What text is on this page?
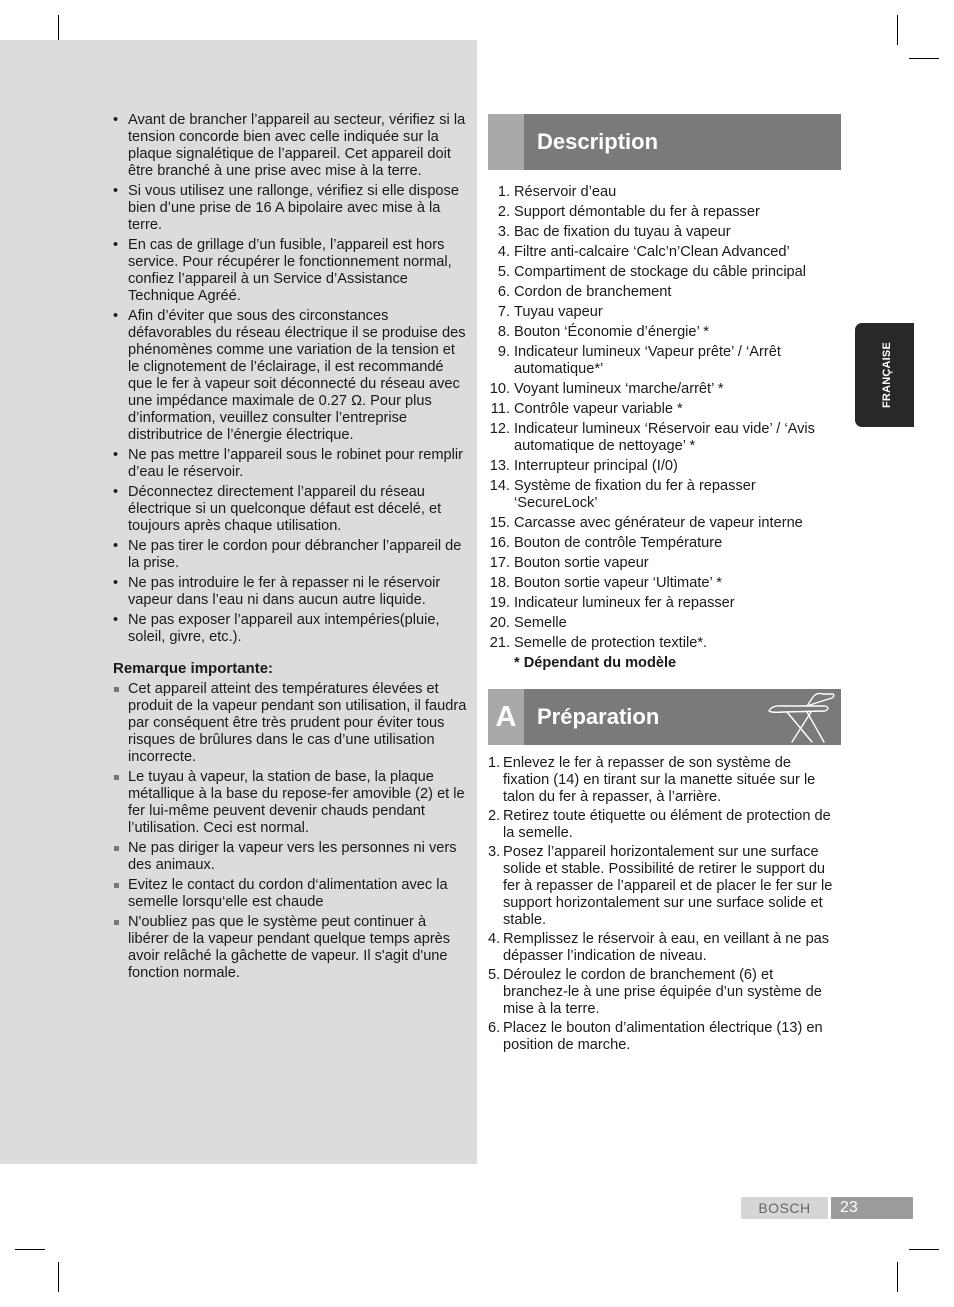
• Avant de brancher l’appareil au secteur, vérifiez si la tension concorde bien avec celle indiquée sur la plaque signalétique de l’appareil. Cet appareil doit être branché à une prise avec mise à la terre.
• Si vous utilisez une rallonge, vérifiez si elle dispose bien d’une prise de 16 A bipolaire avec mise à la terre.
• En cas de grillage d’un fusible, l’appareil est hors service. Pour récupérer le fonctionnement normal, confiez l’appareil à un Service d’Assistance Technique Agréé.
• Afin d’éviter que sous des circonstances défavorables du réseau électrique il se produise des phénomènes comme une variation de la tension et le clignotement de l’éclairage, il est recommandé que le fer à vapeur soit déconnecté du réseau avec une impédance maximale de 0.27 Ω. Pour plus d’information, veuillez consulter l’entreprise distributrice de l’énergie électrique.
• Ne pas mettre l’appareil sous le robinet pour remplir d’eau le réservoir.
• Déconnectez directement l’appareil du réseau électrique si un quelconque défaut est décelé, et toujours après chaque utilisation.
• Ne pas tirer le cordon pour débrancher l’appareil de la prise.
• Ne pas introduire le fer à repasser ni le réservoir vapeur dans l’eau ni dans aucun autre liquide.
• Ne pas exposer l’appareil aux intempéries(pluie, soleil, givre, etc.).
Remarque importante:
Cet appareil atteint des températures élevées et produit de la vapeur pendant son utilisation, il faudra par conséquent être très prudent pour éviter tous risques de brûlures dans le cas d’une utilisation incorrecte.
Le tuyau à vapeur, la station de base, la plaque métallique à la base du repose-fer amovible (2) et le fer lui-même peuvent devenir chauds pendant l’utilisation. Ceci est normal.
Ne pas diriger la vapeur vers les personnes ni vers des animaux.
Evitez le contact du cordon d‘alimentation avec la semelle lorsqu‘elle est chaude
N'oubliez pas que le système peut continuer à libérer de la vapeur pendant quelque temps après avoir relâché la gâchette de vapeur. Il s'agit d'une fonction normale.
Description
1. Réservoir d’eau
2. Support démontable du fer à repasser
3. Bac de fixation du tuyau à vapeur
4. Filtre anti-calcaire ‘Calc’n’Clean Advanced’
5. Compartiment de stockage du câble principal
6. Cordon de branchement
7. Tuyau vapeur
8. Bouton ‘Économie d’énergie’ *
9. Indicateur lumineux ‘Vapeur prête’ / ‘Arrêt automatique*’
10. Voyant lumineux ‘marche/arrêt’ *
11. Contrôle vapeur variable *
12. Indicateur lumineux ‘Réservoir eau vide’ / ‘Avis automatique de nettoyage’ *
13. Interrupteur principal (I/0)
14. Système de fixation du fer à repasser ‘SecureLock’
15. Carcasse avec générateur de vapeur interne
16. Bouton de contrôle Température
17. Bouton sortie vapeur
18. Bouton sortie vapeur ‘Ultimate’ *
19. Indicateur lumineux fer à repasser
20. Semelle
21. Semelle de protection textile*.
* Dépendant du modèle
A Préparation
1. Enlevez le fer à repasser de son système de fixation (14) en tirant sur la manette située sur le talon du fer à repasser, à l’arrière.
2. Retirez toute étiquette ou élément de protection de la semelle.
3. Posez l’appareil horizontalement sur une surface solide et stable. Possibilité de retirer le support du fer à repasser de l’appareil et de placer le fer sur le support horizontalement sur une surface solide et stable.
4. Remplissez le réservoir à eau, en veillant à ne pas dépasser l’indication de niveau.
5. Déroulez le cordon de branchement (6) et branchez-le à une prise équipée d’un système de mise à la terre.
6. Placez le bouton d’alimentation électrique (13) en position de marche.
FRANÇAISE
BOSCH	23
